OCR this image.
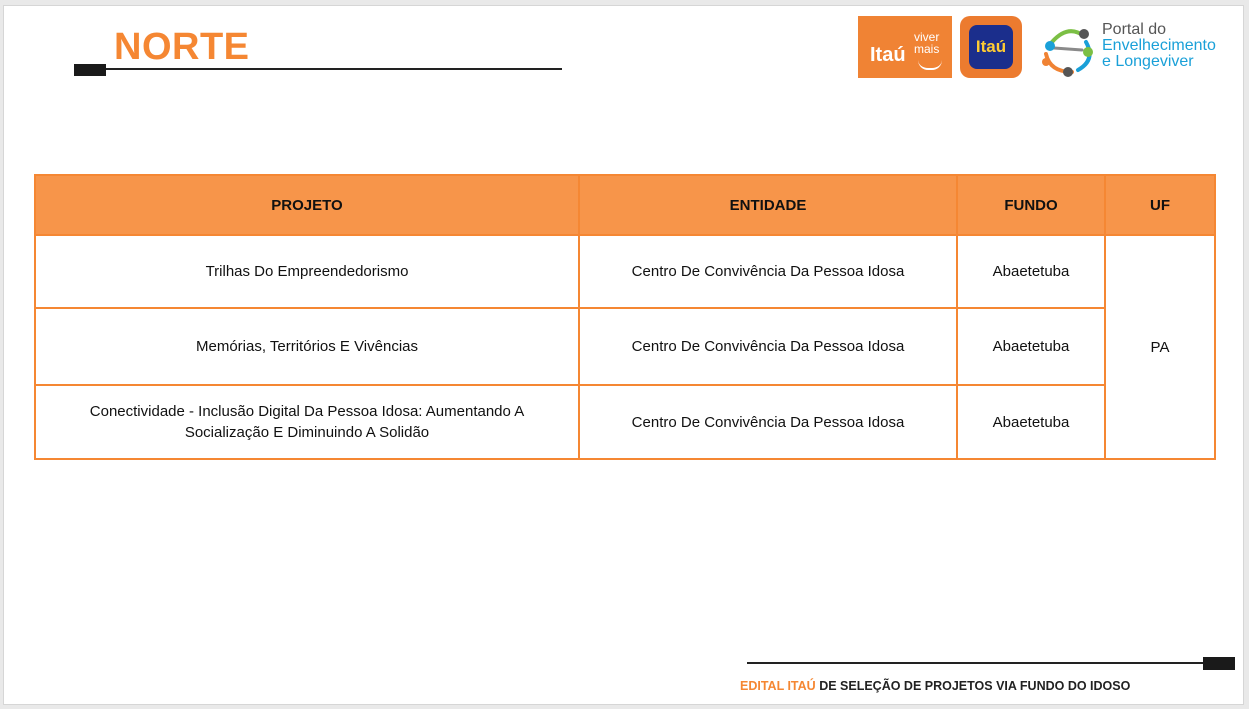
NORTE	Itaú
viver
mais	Itaú
Portal do
Envelhecimento
e Longeviver
PROJETO	ENTIDADE	FUNDO	UF
Trilhas Do Empreendedorismo	Centro De Convivência Da Pessoa Idosa	Abaetetuba	PA
Memórias, Territórios E Vivências	Centro De Convivência Da Pessoa Idosa	Abaetetuba	
Conectividade - Inclusão Digital Da Pessoa Idosa: Aumentando A Socialização E Diminuindo A Solidão	Centro De Convivência Da Pessoa Idosa	Abaetetuba	
EDITAL ITAÚ DE SELEÇÃO DE PROJETOS VIA FUNDO DO IDOSO
